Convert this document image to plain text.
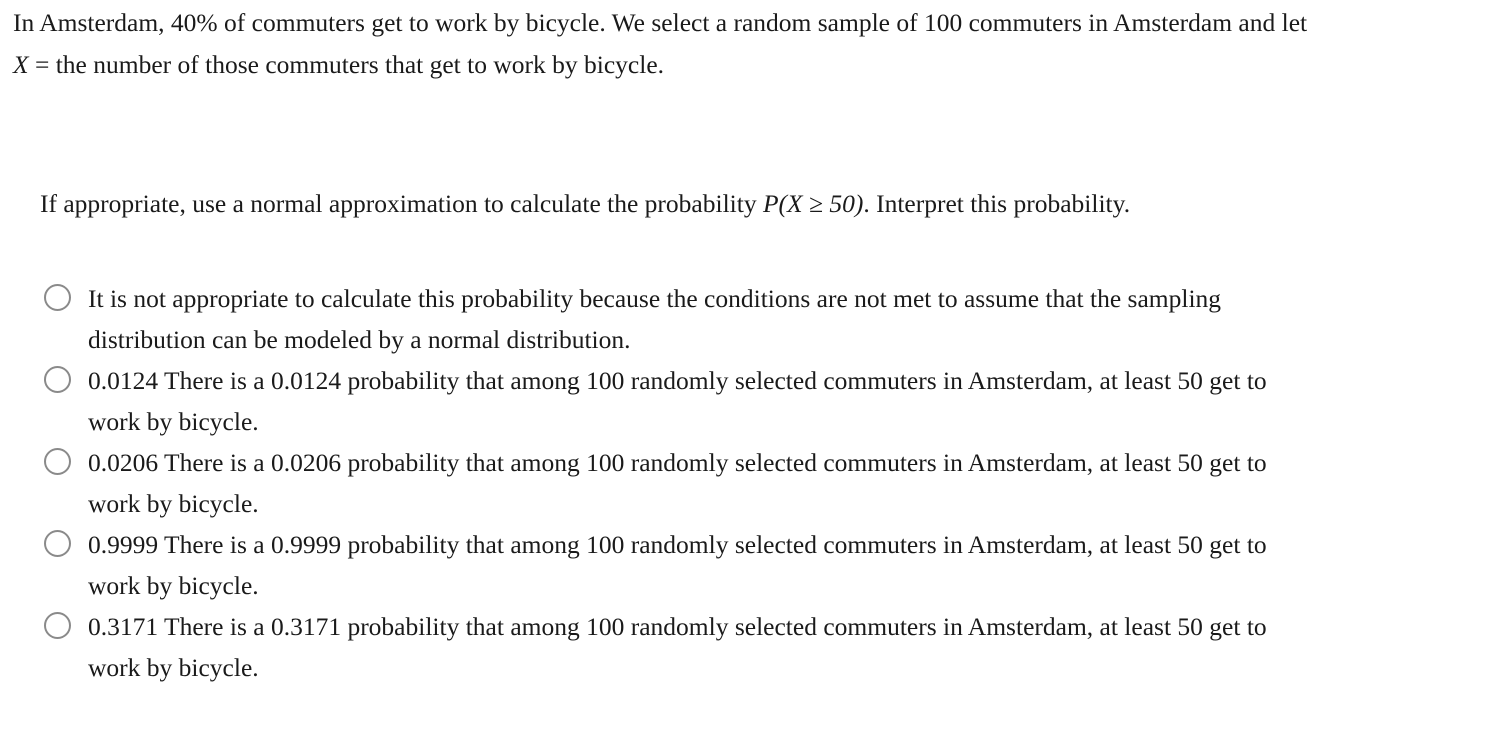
In Amsterdam, 40% of commuters get to work by bicycle. We select a random sample of 100 commuters in Amsterdam and let
X = the number of those commuters that get to work by bicycle.
If appropriate, use a normal approximation to calculate the probability P(X ≥ 50). Interpret this probability.
It is not appropriate to calculate this probability because the conditions are not met to assume that the sampling
distribution can be modeled by a normal distribution.
0.0124 There is a 0.0124 probability that among 100 randomly selected commuters in Amsterdam, at least 50 get to
work by bicycle.
0.0206 There is a 0.0206 probability that among 100 randomly selected commuters in Amsterdam, at least 50 get to
work by bicycle.
0.9999 There is a 0.9999 probability that among 100 randomly selected commuters in Amsterdam, at least 50 get to
work by bicycle.
0.3171 There is a 0.3171 probability that among 100 randomly selected commuters in Amsterdam, at least 50 get to
work by bicycle.
